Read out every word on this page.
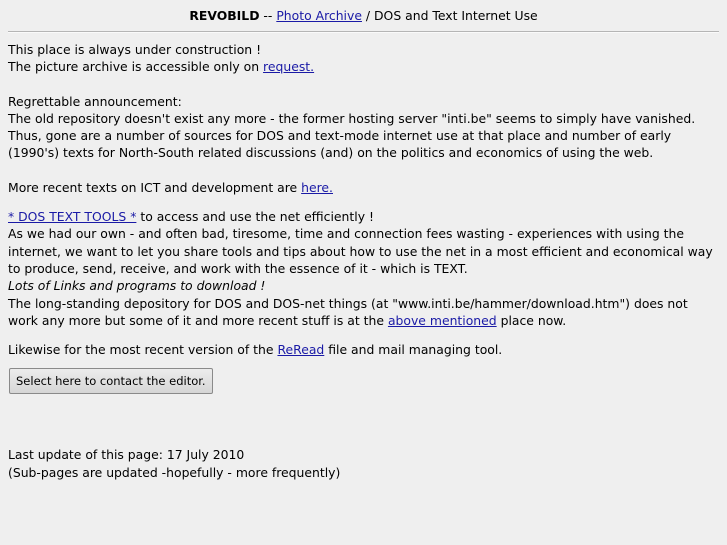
REVOBILD -- Photo Archive / DOS and Text Internet Use

This place is always under construction !

The picture archive is accessible only on request.

Regrettable announcement:

The old repository doesn't exist any more - the former hosting server "inti.be" seems to simply have vanished.

Thus, gone are a number of sources for DOS and text-mode internet use at that place and number of early (1990's) texts for North-South related discussions (and) on the politics and economics of using the web.

More recent texts on ICT and development are here.

* DOS TEXT TOOLS * to access and use the net efficiently !

As we had our own - and often bad, tiresome, time and connection fees wasting - experiences with using the internet, we want to let you share tools and tips about how to use the net in a most efficient and economical way to produce, send, receive, and work with the essence of it - which is TEXT.

Lots of Links and programs to download !

The long-standing depository for DOS and DOS-net things (at "www.inti.be/hammer/download.htm") does not work any more but some of it and more recent stuff is at the above mentioned place now.

Likewise for the most recent version of the ReRead file and mail managing tool.

Select here to contact the editor.

Last update of this page: 17 July 2010

(Sub-pages are updated -hopefully - more frequently)
